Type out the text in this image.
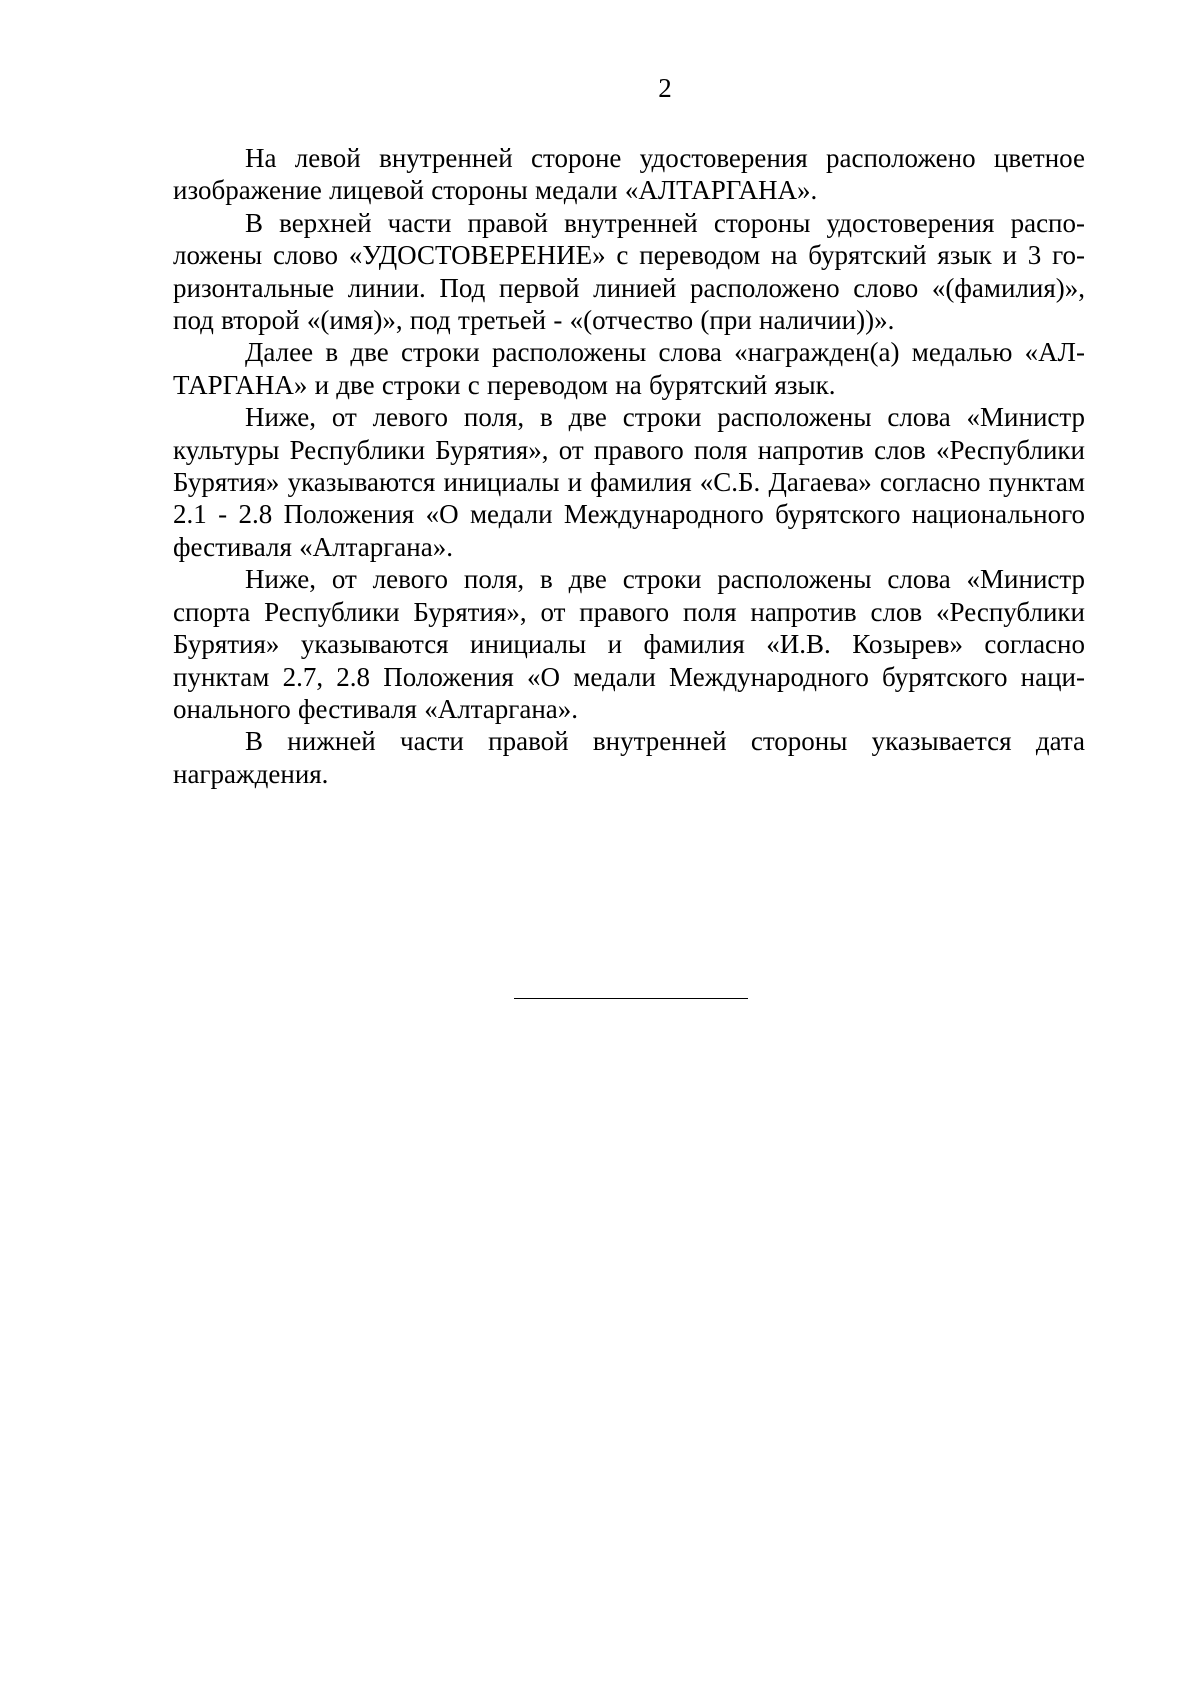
2

На левой внутренней стороне удостоверения расположено цветное изображение лицевой стороны медали «АЛТАРГАНА».

В верхней части правой внутренней стороны удостоверения расположены слово «УДОСТОВЕРЕНИЕ» с переводом на бурятский язык и 3 горизонтальные линии. Под первой линией расположено слово «(фамилия)», под второй «(имя)», под третьей - «(отчество (при наличии))».

Далее в две строки расположены слова «награжден(а) медалью «АЛТАРГАНА» и две строки с переводом на бурятский язык.

Ниже, от левого поля, в две строки расположены слова «Министр культуры Республики Бурятия», от правого поля напротив слов «Республики Бурятия» указываются инициалы и фамилия «С.Б. Дагаева» согласно пунктам 2.1 - 2.8 Положения «О медали Международного бурятского национального фестиваля «Алтаргана».

Ниже, от левого поля, в две строки расположены слова «Министр спорта Республики Бурятия», от правого поля напротив слов «Республики Бурятия» указываются инициалы и фамилия «И.В. Козырев» согласно пунктам 2.7, 2.8 Положения «О медали Международного бурятского национального фестиваля «Алтаргана».

В нижней части правой внутренней стороны указывается дата награждения.
